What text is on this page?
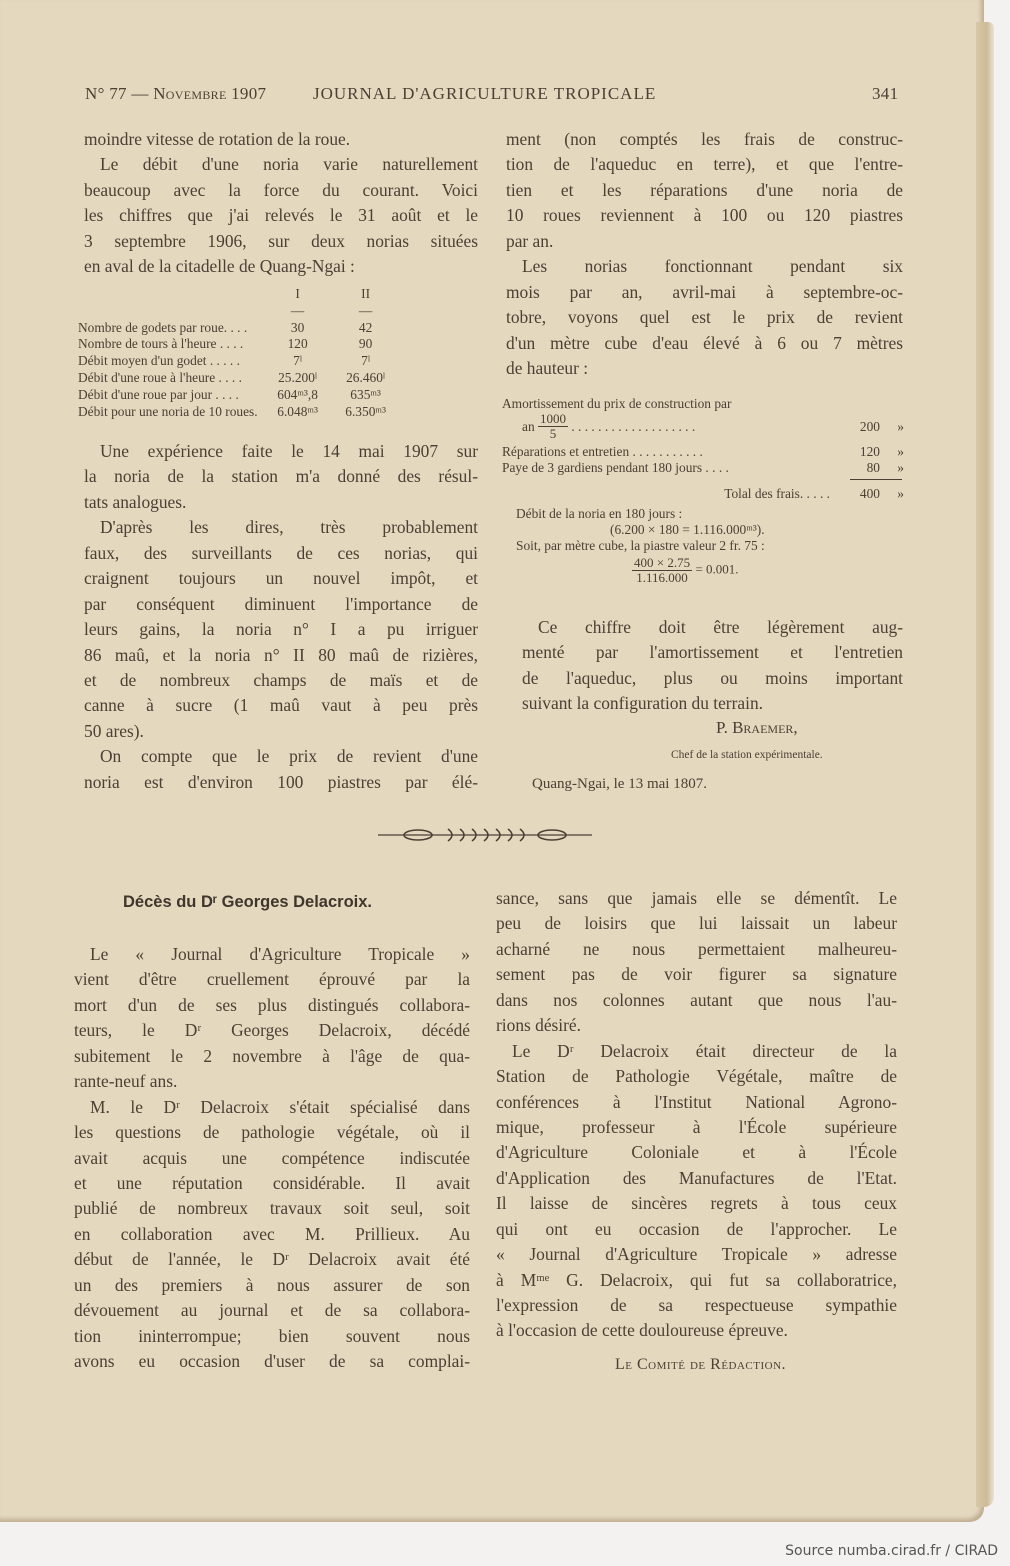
N° 77 — Novembre 1907	JOURNAL D'AGRICULTURE TROPICALE	341
moindre vitesse de rotation de la roue.
Le débit d'une noria varie naturellement
beaucoup avec la force du courant. Voici
les chiffres que j'ai relevés le 31 août et le
3 septembre 1906, sur deux norias situées
en aval de la citadelle de Quang-Ngai :
	I	II
	—	—
Nombre de godets par roue. . . .	30	42
Nombre de tours à l'heure . . . .	120	90
Débit moyen d'un godet . . . . .	7ˡ	7ˡ
Débit d'une roue à l'heure . . . .	25.200ˡ	26.460ˡ
Débit d'une roue par jour . . . .	604ᵐ³,8	635ᵐ³
Débit pour une noria de 10 roues.	6.048ᵐ³	6.350ᵐ³
Une expérience faite le 14 mai 1907 sur
la noria de la station m'a donné des résul-
tats analogues.
D'après les dires, très probablement
faux, des surveillants de ces norias, qui
craignent toujours un nouvel impôt, et
par conséquent diminuent l'importance de
leurs gains, la noria n° I a pu irriguer
86 maû, et la noria n° II 80 maû de rizières,
et de nombreux champs de maïs et de
canne à sucre (1 maû vaut à peu près
50 ares).
On compte que le prix de revient d'une
noria est d'environ 100 piastres par élé-
ment (non comptés les frais de construc-
tion de l'aqueduc en terre), et que l'entre-
tien et les réparations d'une noria de
10 roues reviennent à 100 ou 120 piastres
par an.
Les norias fonctionnant pendant six
mois par an, avril-mai à septembre-oc-
tobre, voyons quel est le prix de revient
d'un mètre cube d'eau élevé à 6 ou 7 mètres
de hauteur :
Amortissement du prix de construction par
an
$\frac{1000}{5}$ . . . . . . . . . . . . . . . . . . .	200	»
Réparations et entretien . . . . . . . . . . .	120	»
Paye de 3 gardiens pendant 180 jours . . . .	80	»
Tolal des frais. . . . .	400	»
Débit de la noria en 180 jours :
(6.200 × 180 = 1.116.000ᵐ³).
Soit, par mètre cube, la piastre valeur 2 fr. 75 :
$\frac{400 \times 2.75}{1.116.000} = 0.001$.
Ce chiffre doit être légèrement aug-
menté par l'amortissement et l'entretien
de l'aqueduc, plus ou moins important
suivant la configuration du terrain.
P. Braemer,
Chef de la station expérimentale.
Quang-Ngai, le 13 mai 1807.
Décès du Dʳ Georges Delacroix.
Le « Journal d'Agriculture Tropicale »
vient d'être cruellement éprouvé par la
mort d'un de ses plus distingués collabora-
teurs, le Dʳ Georges Delacroix, décédé
subitement le 2 novembre à l'âge de qua-
rante-neuf ans.
M. le Dʳ Delacroix s'était spécialisé dans
les questions de pathologie végétale, où il
avait acquis une compétence indiscutée
et une réputation considérable. Il avait
publié de nombreux travaux soit seul, soit
en collaboration avec M. Prillieux. Au
début de l'année, le Dʳ Delacroix avait été
un des premiers à nous assurer de son
dévouement au journal et de sa collabora-
tion ininterrompue; bien souvent nous
avons eu occasion d'user de sa complai-
sance, sans que jamais elle se démentît. Le
peu de loisirs que lui laissait un labeur
acharné ne nous permettaient malheureu-
sement pas de voir figurer sa signature
dans nos colonnes autant que nous l'au-
rions désiré.
Le Dʳ Delacroix était directeur de la
Station de Pathologie Végétale, maître de
conférences à l'Institut National Agrono-
mique, professeur à l'École supérieure
d'Agriculture Coloniale et à l'École
d'Application des Manufactures de l'Etat.
Il laisse de sincères regrets à tous ceux
qui ont eu occasion de l'approcher. Le
« Journal d'Agriculture Tropicale » adresse
à Mᵐᵉ G. Delacroix, qui fut sa collaboratrice,
l'expression de sa respectueuse sympathie
à l'occasion de cette douloureuse épreuve.
Le Comité de Rédaction.
Source numba.cirad.fr / CIRAD
